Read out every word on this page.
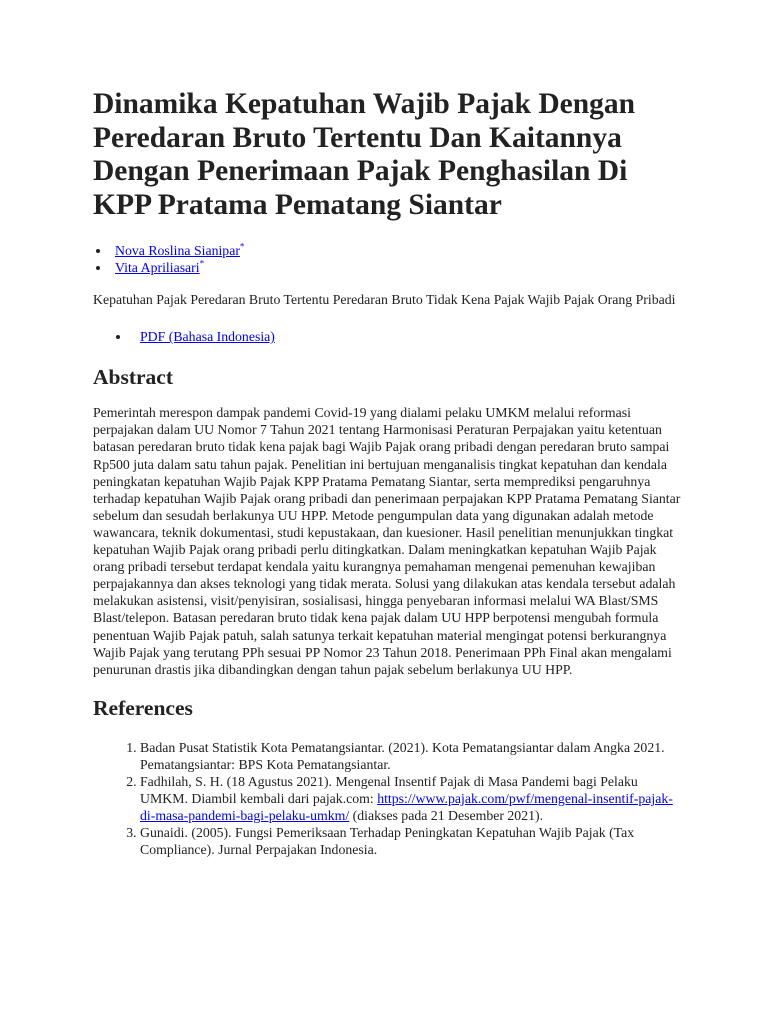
Dinamika Kepatuhan Wajib Pajak Dengan Peredaran Bruto Tertentu Dan Kaitannya Dengan Penerimaan Pajak Penghasilan Di KPP Pratama Pematang Siantar
Nova Roslina Sianipar*
Vita Apriliasari*

Kepatuhan Pajak Peredaran Bruto Tertentu Peredaran Bruto Tidak Kena Pajak Wajib Pajak Orang Pribadi

PDF (Bahasa Indonesia)
Abstract

Pemerintah merespon dampak pandemi Covid-19 yang dialami pelaku UMKM melalui reformasi perpajakan dalam UU Nomor 7 Tahun 2021 tentang Harmonisasi Peraturan Perpajakan yaitu ketentuan batasan peredaran bruto tidak kena pajak bagi Wajib Pajak orang pribadi dengan peredaran bruto sampai Rp500 juta dalam satu tahun pajak. Penelitian ini bertujuan menganalisis tingkat kepatuhan dan kendala peningkatan kepatuhan Wajib Pajak KPP Pratama Pematang Siantar, serta memprediksi pengaruhnya terhadap kepatuhan Wajib Pajak orang pribadi dan penerimaan perpajakan KPP Pratama Pematang Siantar sebelum dan sesudah berlakunya UU HPP. Metode pengumpulan data yang digunakan adalah metode wawancara, teknik dokumentasi, studi kepustakaan, dan kuesioner. Hasil penelitian menunjukkan tingkat kepatuhan Wajib Pajak orang pribadi perlu ditingkatkan. Dalam meningkatkan kepatuhan Wajib Pajak orang pribadi tersebut terdapat kendala yaitu kurangnya pemahaman mengenai pemenuhan kewajiban perpajakannya dan akses teknologi yang tidak merata. Solusi yang dilakukan atas kendala tersebut adalah melakukan asistensi, visit/penyisiran, sosialisasi, hingga penyebaran informasi melalui WA Blast/SMS Blast/telepon. Batasan peredaran bruto tidak kena pajak dalam UU HPP berpotensi mengubah formula penentuan Wajib Pajak patuh, salah satunya terkait kepatuhan material mengingat potensi berkurangnya Wajib Pajak yang terutang PPh sesuai PP Nomor 23 Tahun 2018. Penerimaan PPh Final akan mengalami penurunan drastis jika dibandingkan dengan tahun pajak sebelum berlakunya UU HPP.

References
1. Badan Pusat Statistik Kota Pematangsiantar. (2021). Kota Pematangsiantar dalam Angka 2021. Pematangsiantar: BPS Kota Pematangsiantar.
2. Fadhilah, S. H. (18 Agustus 2021). Mengenal Insentif Pajak di Masa Pandemi bagi Pelaku UMKM. Diambil kembali dari pajak.com: https://www.pajak.com/pwf/mengenal-insentif-pajak-di-masa-pandemi-bagi-pelaku-umkm/ (diakses pada 21 Desember 2021).
3. Gunaidi. (2005). Fungsi Pemeriksaan Terhadap Peningkatan Kepatuhan Wajib Pajak (Tax Compliance). Jurnal Perpajakan Indonesia.
